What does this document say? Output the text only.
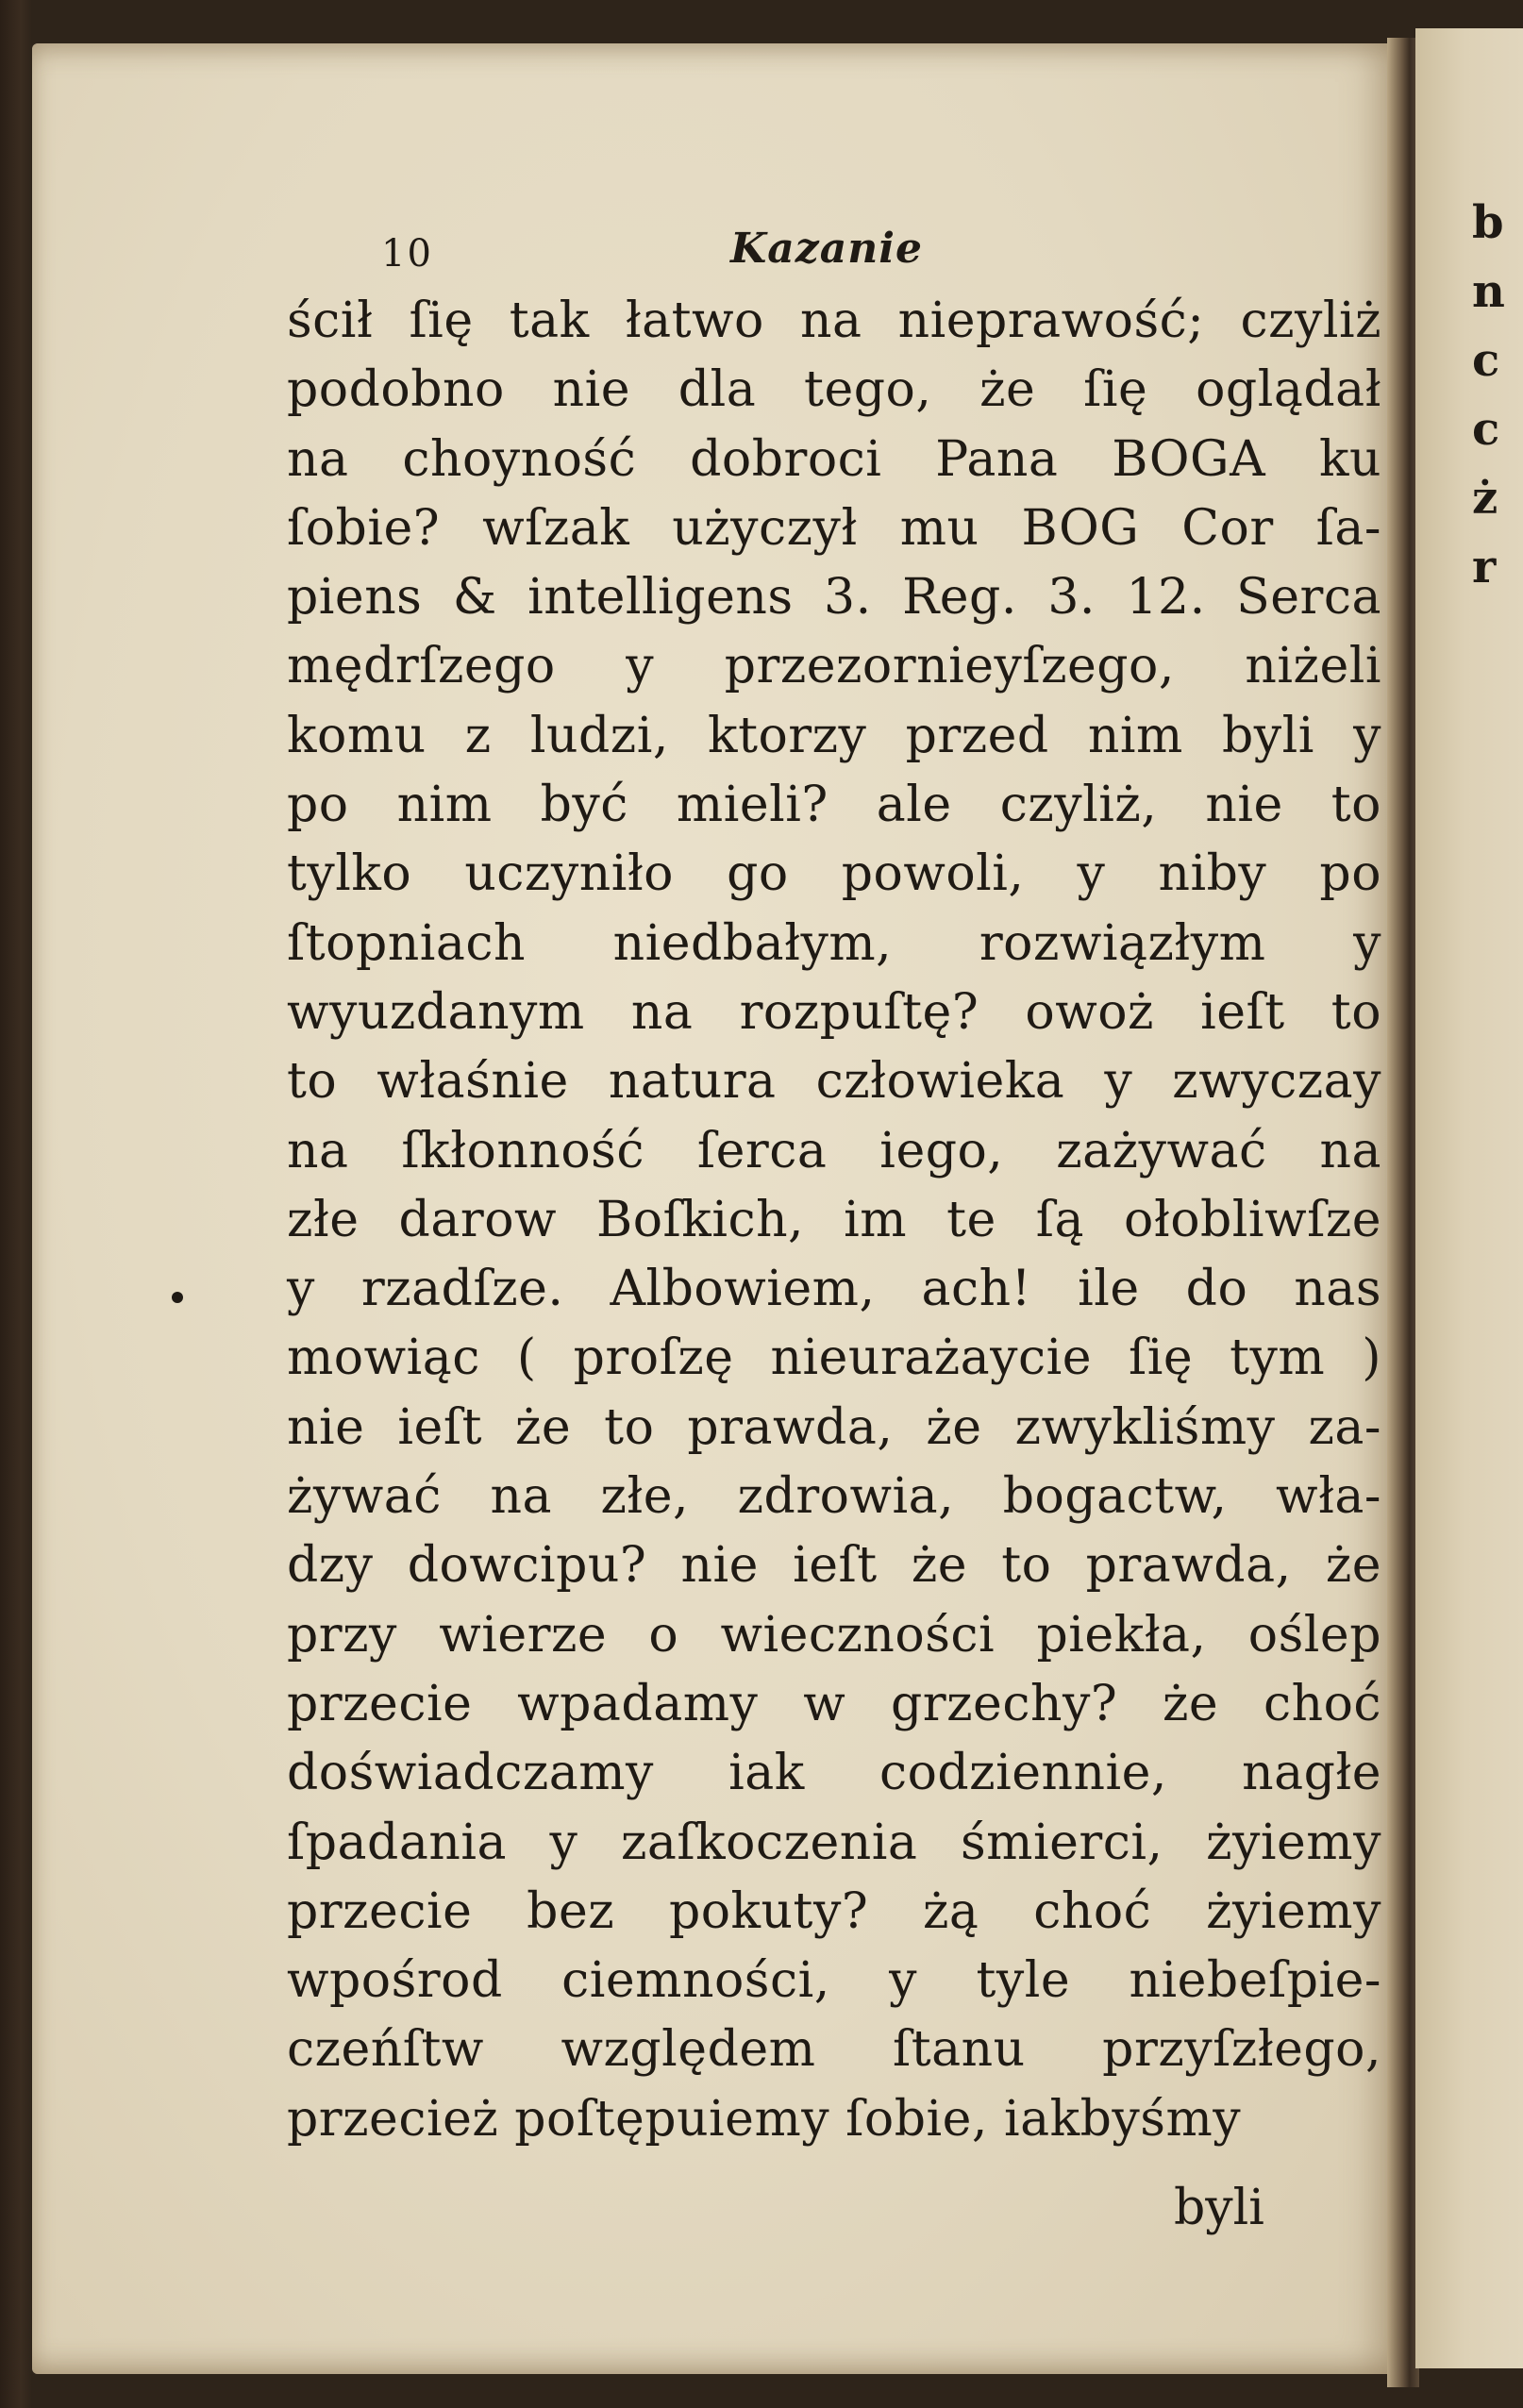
10	Kazanie
ścił ſię tak łatwo na nieprawość; czyliż
podobno nie dla tego, że ſię oglądał
na choyność dobroci Pana BOGA ku
ſobie? wſzak użyczył mu BOG Cor ſa-
piens & intelligens 3. Reg. 3. 12. Serca
mędrſzego y przezornieyſzego, niżeli
komu z ludzi, ktorzy przed nim byli y
po nim być mieli? ale czyliż, nie to
tylko uczyniło go powoli, y niby po
ſtopniach niedbałym, rozwiązłym y
wyuzdanym na rozpuſtę? owoż ieſt to
to właśnie natura człowieka y zwyczay
na ſkłonność ſerca iego, zażywać na
złe darow Boſkich, im te ſą ołobliwſze
y rzadſze. Albowiem, ach! ile do nas
mowiąc ( proſzę nieurażaycie ſię tym )
nie ieſt że to prawda, że zwykliśmy za-
żywać na złe, zdrowia, bogactw, wła-
dzy dowcipu? nie ieſt że to prawda, że
przy wierze o wieczności piekła, oślep
przecie wpadamy w grzechy? że choć
doświadczamy iak codziennie, nagłe
ſpadania y zaſkoczenia śmierci, żyiemy
przecie bez pokuty? żą choć żyiemy
wpośrod ciemności, y tyle niebeſpie-
czeńſtw względem ſtanu przyſzłego,
przecież poſtępuiemy ſobie, iakbyśmy
byli
b
n
c
c
ż
r
